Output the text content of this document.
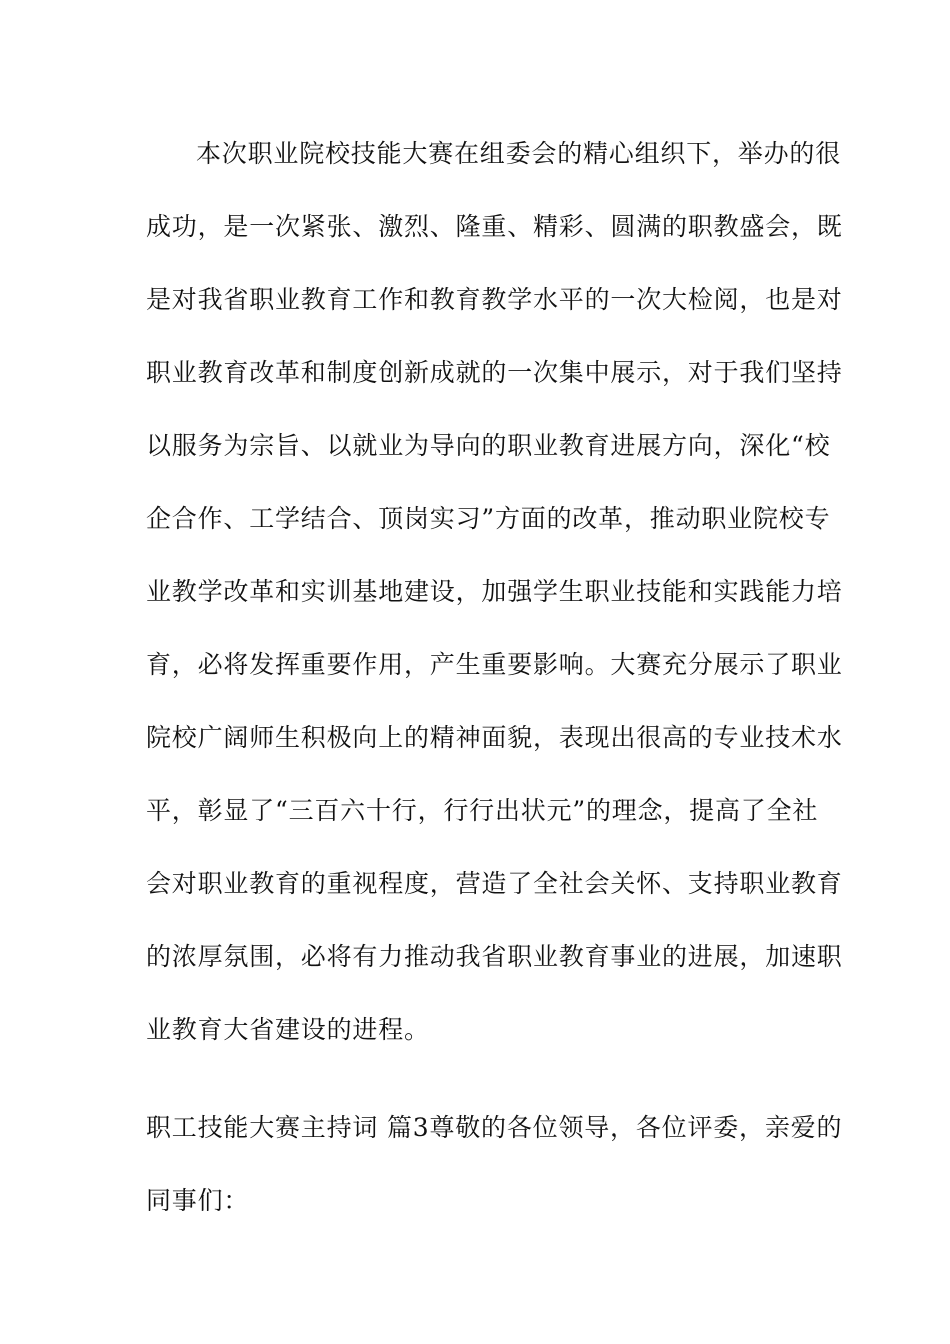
本次职业院校技能大赛在组委会的精心组织下，举办的很
成功，是一次紧张、激烈、隆重、精彩、圆满的职教盛会，既
是对我省职业教育工作和教育教学水平的一次大检阅，也是对
职业教育改革和制度创新成就的一次集中展示，对于我们坚持
以服务为宗旨、以就业为导向的职业教育进展方向，深化“校
企合作、工学结合、顶岗实习”方面的改革，推动职业院校专
业教学改革和实训基地建设，加强学生职业技能和实践能力培
育，必将发挥重要作用，产生重要影响。大赛充分展示了职业
院校广阔师生积极向上的精神面貌，表现出很高的专业技术水
平，彰显了“三百六十行，行行出状元”的理念，提高了全社
会对职业教育的重视程度，营造了全社会关怀、支持职业教育
的浓厚氛围，必将有力推动我省职业教育事业的进展，加速职
业教育大省建设的进程。
职工技能大赛主持词 篇3尊敬的各位领导，各位评委，亲爱的
同事们：
